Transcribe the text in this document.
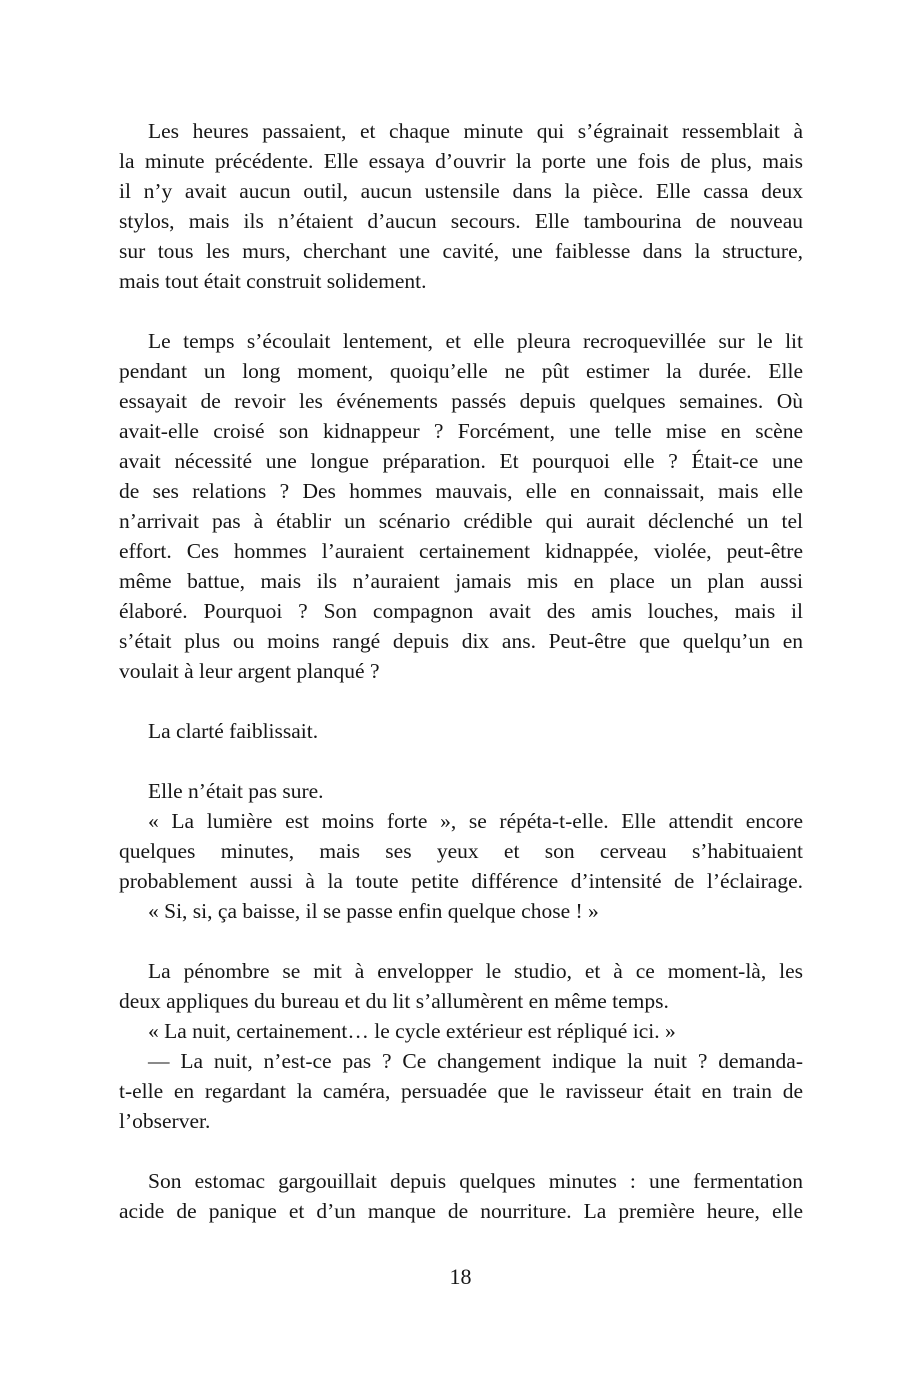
Les heures passaient, et chaque minute qui s’égrainait ressemblait à
la minute précédente. Elle essaya d’ouvrir la porte une fois de plus, mais
il n’y avait aucun outil, aucun ustensile dans la pièce. Elle cassa deux
stylos, mais ils n’étaient d’aucun secours. Elle tambourina de nouveau
sur tous les murs, cherchant une cavité, une faiblesse dans la structure,
mais tout était construit solidement.
Le temps s’écoulait lentement, et elle pleura recroquevillée sur le lit
pendant un long moment, quoiqu’elle ne pût estimer la durée. Elle
essayait de revoir les événements passés depuis quelques semaines. Où
avait-elle croisé son kidnappeur ? Forcément, une telle mise en scène
avait nécessité une longue préparation. Et pourquoi elle ? Était-ce une
de ses relations ? Des hommes mauvais, elle en connaissait, mais elle
n’arrivait pas à établir un scénario crédible qui aurait déclenché un tel
effort. Ces hommes l’auraient certainement kidnappée, violée, peut-être
même battue, mais ils n’auraient jamais mis en place un plan aussi
élaboré. Pourquoi ? Son compagnon avait des amis louches, mais il
s’était plus ou moins rangé depuis dix ans. Peut-être que quelqu’un en
voulait à leur argent planqué ?
La clarté faiblissait.
Elle n’était pas sure.
« La lumière est moins forte », se répéta-t-elle. Elle attendit encore
quelques minutes, mais ses yeux et son cerveau s’habituaient
probablement aussi à la toute petite différence d’intensité de l’éclairage.
« Si, si, ça baisse, il se passe enfin quelque chose ! »
La pénombre se mit à envelopper le studio, et à ce moment-là, les
deux appliques du bureau et du lit s’allumèrent en même temps.
« La nuit, certainement… le cycle extérieur est répliqué ici. »
— La nuit, n’est-ce pas ? Ce changement indique la nuit ? demanda-
t-elle en regardant la caméra, persuadée que le ravisseur était en train de
l’observer.
Son estomac gargouillait depuis quelques minutes : une fermentation
acide de panique et d’un manque de nourriture. La première heure, elle
18
